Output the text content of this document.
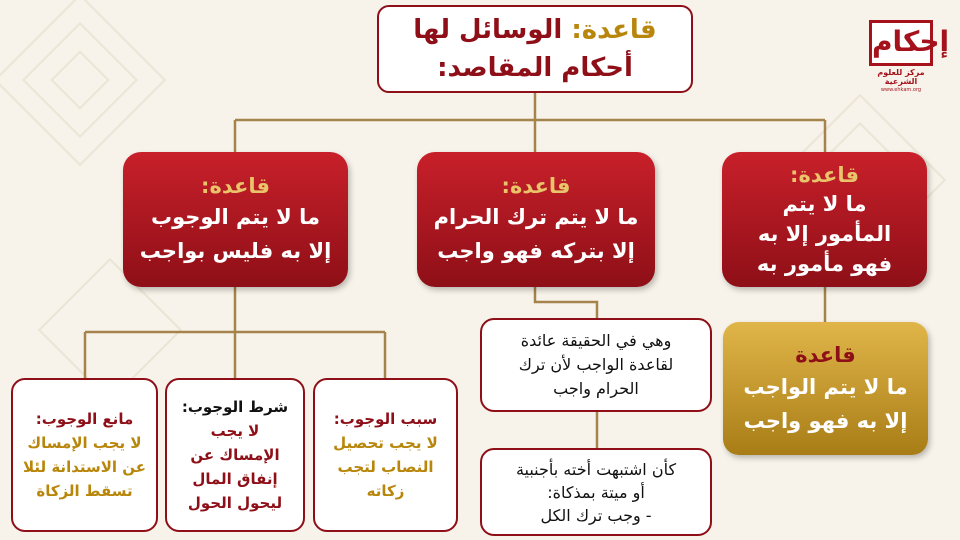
إحكام
مركز للعلوم الشرعية
www.ehkam.org
قاعدة: الوسائل لها
أحكام المقاصد:
قاعدة:
ما لا يتم الوجوب
إلا به فليس بواجب
قاعدة:
ما لا يتم ترك الحرام
إلا بتركه فهو واجب
قاعدة:
ما لا يتم
المأمور إلا به
فهو مأمور به
قاعدة
ما لا يتم الواجب
إلا به فهو واجب
وهي في الحقيقة عائدة
لقاعدة الواجب لأن ترك
الحرام واجب
كأن اشتبهت أخته بأجنبية
أو ميتة بمذكاة:
- وجب ترك الكل
مانع الوجوب:
لا يجب الإمساك
عن الاستدانة لئلا
تسقط الزكاة
شرط الوجوب:
لا يجب
الإمساك عن
إنفاق المال
ليحول الحول
سبب الوجوب:
لا يجب تحصيل
النصاب لتجب
زكاته
